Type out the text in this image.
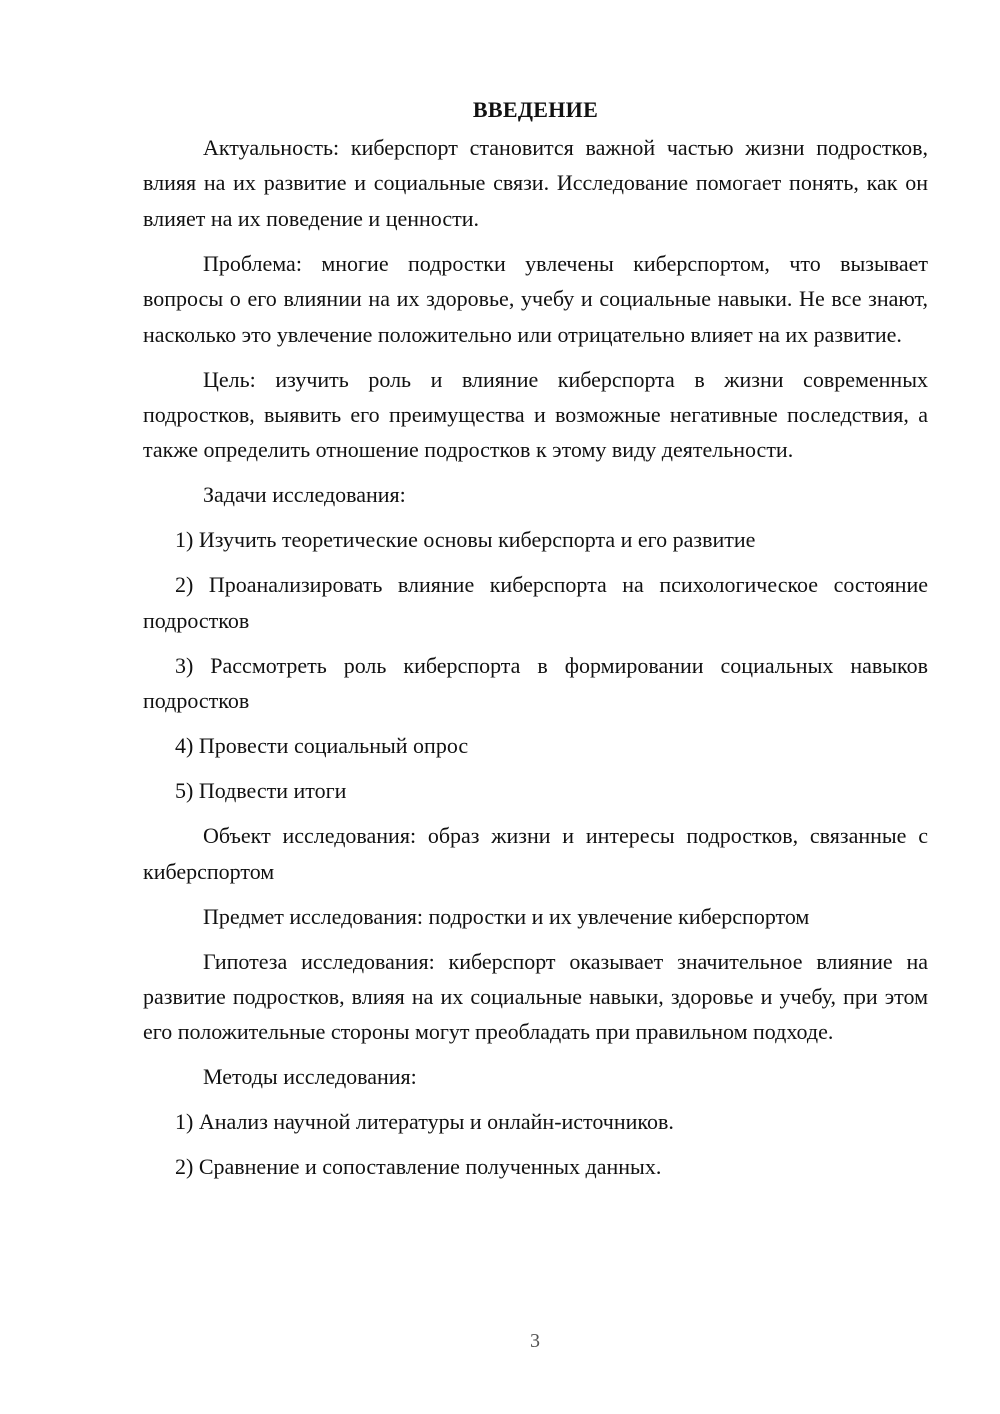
ВВЕДЕНИЕ

Актуальность: киберспорт становится важной частью жизни подростков, влияя на их развитие и социальные связи. Исследование помогает понять, как он влияет на их поведение и ценности.

Проблема: многие подростки увлечены киберспортом, что вызывает вопросы о его влиянии на их здоровье, учебу и социальные навыки. Не все знают, насколько это увлечение положительно или отрицательно влияет на их развитие.

Цель: изучить роль и влияние киберспорта в жизни современных подростков, выявить его преимущества и возможные негативные последствия, а также определить отношение подростков к этому виду деятельности.

Задачи исследования:

1) Изучить теоретические основы киберспорта и его развитие

2) Проанализировать влияние киберспорта на психологическое состояние подростков

3) Рассмотреть роль киберспорта в формировании социальных навыков подростков

4) Провести социальный опрос

5) Подвести итоги

Объект исследования: образ жизни и интересы подростков, связанные с киберспортом

Предмет исследования: подростки и их увлечение киберспортом

Гипотеза исследования: киберспорт оказывает значительное влияние на развитие подростков, влияя на их социальные навыки, здоровье и учебу, при этом его положительные стороны могут преобладать при правильном подходе.

Методы исследования:

1) Анализ научной литературы и онлайн-источников.

2) Сравнение и сопоставление полученных данных.

3
